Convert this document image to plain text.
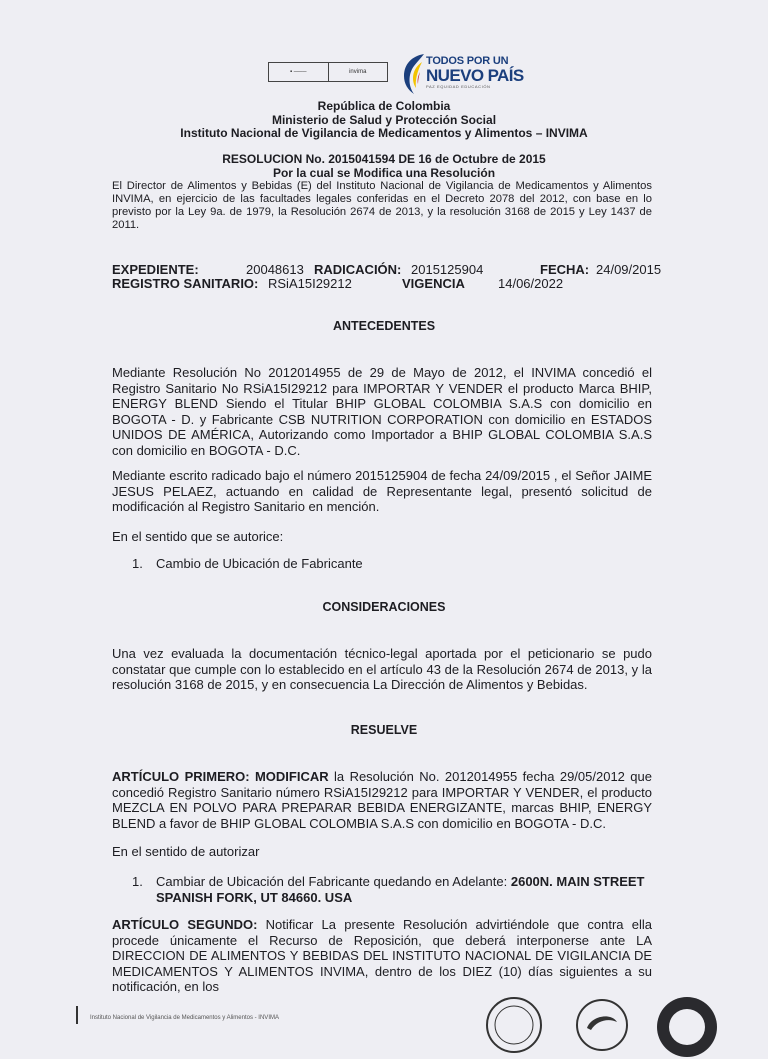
▪ ───	invima
TODOS POR UN
NUEVO PAÍS
PAZ EQUIDAD EDUCACIÓN
República de Colombia
Ministerio de Salud y Protección Social
Instituto Nacional de Vigilancia de Medicamentos y Alimentos – INVIMA
RESOLUCION No. 2015041594 DE 16 de Octubre de 2015
Por la cual se Modifica una Resolución
El Director de Alimentos y Bebidas (E) del Instituto Nacional de Vigilancia de Medicamentos y Alimentos INVIMA, en ejercicio de las facultades legales conferidas en el Decreto 2078 del 2012, con base en lo previsto por la Ley 9a. de 1979, la Resolución 2674 de 2013, y la resolución 3168 de 2015 y Ley 1437 de 2011.
EXPEDIENTE:	20048613 RADICACIÓN: 2015125904	FECHA: 24/09/2015
REGISTRO SANITARIO: RSiA15I29212	VIGENCIA	14/06/2022
ANTECEDENTES
Mediante Resolución No 2012014955 de 29 de Mayo de 2012, el INVIMA concedió el Registro Sanitario No RSiA15I29212 para IMPORTAR Y VENDER el producto Marca BHIP, ENERGY BLEND Siendo el Titular BHIP GLOBAL COLOMBIA S.A.S con domicilio en BOGOTA - D. y Fabricante CSB NUTRITION CORPORATION con domicilio en ESTADOS UNIDOS DE AMÉRICA, Autorizando como Importador a BHIP GLOBAL COLOMBIA S.A.S con domicilio en BOGOTA - D.C.
Mediante escrito radicado bajo el número 2015125904 de fecha 24/09/2015 , el Señor JAIME JESUS PELAEZ, actuando en calidad de Representante legal, presentó solicitud de modificación al Registro Sanitario en mención.
En el sentido que se autorice:
1. Cambio de Ubicación de Fabricante
CONSIDERACIONES
Una vez evaluada la documentación técnico-legal aportada por el peticionario se pudo constatar que cumple con lo establecido en el artículo 43 de la Resolución 2674 de 2013, y la resolución 3168 de 2015, y en consecuencia La Dirección de Alimentos y Bebidas.
RESUELVE
ARTÍCULO PRIMERO: MODIFICAR la Resolución No. 2012014955 fecha 29/05/2012 que concedió Registro Sanitario número RSiA15I29212 para IMPORTAR Y VENDER, el producto MEZCLA EN POLVO PARA PREPARAR BEBIDA ENERGIZANTE, marcas BHIP, ENERGY BLEND a favor de BHIP GLOBAL COLOMBIA S.A.S con domicilio en BOGOTA - D.C.
En el sentido de autorizar
1. Cambiar de Ubicación del Fabricante quedando en Adelante: 2600N. MAIN STREET
SPANISH FORK, UT 84660. USA
ARTÍCULO SEGUNDO: Notificar La presente Resolución advirtiéndole que contra ella procede únicamente el Recurso de Reposición, que deberá interponerse ante LA DIRECCION DE ALIMENTOS Y BEBIDAS DEL INSTITUTO NACIONAL DE VIGILANCIA DE MEDICAMENTOS Y ALIMENTOS INVIMA, dentro de los DIEZ (10) días siguientes a su notificación, en los
Instituto Nacional de Vigilancia de Medicamentos y Alimentos - INVIMA
